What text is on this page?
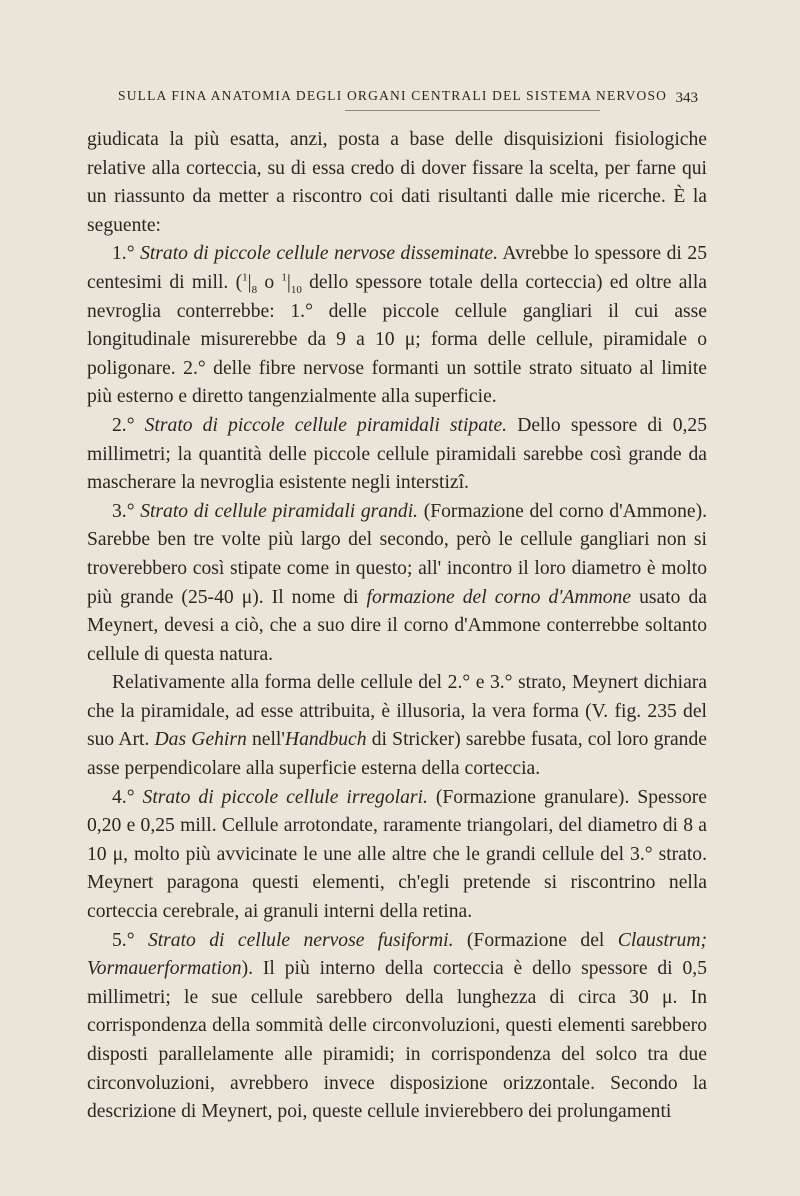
SULLA FINA ANATOMIA DEGLI ORGANI CENTRALI DEL SISTEMA NERVOSO 343

giudicata la più esatta, anzi, posta a base delle disquisizioni fisiologiche relative alla corteccia, su di essa credo di dover fissare la scelta, per farne qui un riassunto da metter a riscontro coi dati risultanti dalle mie ricerche. È la seguente:

1.° Strato di piccole cellule nervose disseminate. Avrebbe lo spessore di 25 centesimi di mill. ($^1|_8$ o $^1|_{10}$ dello spessore totale della corteccia) ed oltre alla nevroglia conterrebbe: 1.° delle piccole cellule gangliari il cui asse longitudinale misurerebbe da 9 a 10 μ; forma delle cellule, piramidale o poligonare. 2.° delle fibre nervose formanti un sottile strato situato al limite più esterno e diretto tangenzialmente alla superficie.

2.° Strato di piccole cellule piramidali stipate. Dello spessore di 0,25 millimetri; la quantità delle piccole cellule piramidali sarebbe così grande da mascherare la nevroglia esistente negli interstizî.

3.° Strato di cellule piramidali grandi. (Formazione del corno d'Ammone). Sarebbe ben tre volte più largo del secondo, però le cellule gangliari non si troverebbero così stipate come in questo; all' incontro il loro diametro è molto più grande (25-40 μ). Il nome di formazione del corno d'Ammone usato da Meynert, devesi a ciò, che a suo dire il corno d'Ammone conterrebbe soltanto cellule di questa natura.

Relativamente alla forma delle cellule del 2.° e 3.° strato, Meynert dichiara che la piramidale, ad esse attribuita, è illusoria, la vera forma (V. fig. 235 del suo Art. Das Gehirn nell'Handbuch di Stricker) sarebbe fusata, col loro grande asse perpendicolare alla superficie esterna della corteccia.

4.° Strato di piccole cellule irregolari. (Formazione granulare). Spessore 0,20 e 0,25 mill. Cellule arrotondate, raramente triangolari, del diametro di 8 a 10 μ, molto più avvicinate le une alle altre che le grandi cellule del 3.° strato. Meynert paragona questi elementi, ch'egli pretende si riscontrino nella corteccia cerebrale, ai granuli interni della retina.

5.° Strato di cellule nervose fusiformi. (Formazione del Claustrum; Vormauerformation). Il più interno della corteccia è dello spessore di 0,5 millimetri; le sue cellule sarebbero della lunghezza di circa 30 μ. In corrispondenza della sommità delle circonvoluzioni, questi elementi sarebbero disposti parallelamente alle piramidi; in corrispondenza del solco tra due circonvoluzioni, avrebbero invece disposizione orizzontale. Secondo la descrizione di Meynert, poi, queste cellule invierebbero dei prolungamenti
